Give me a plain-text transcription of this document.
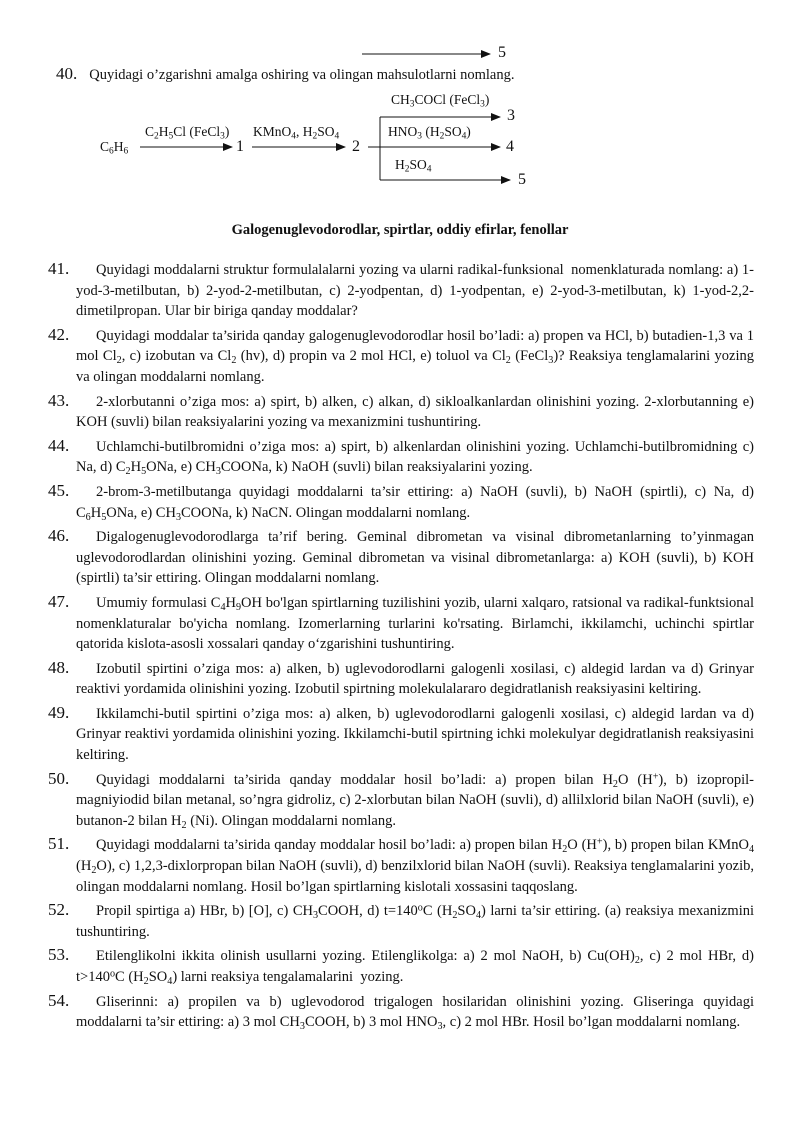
5
40. Quyidagi o’zgarishni amalga oshiring va olingan mahsulotlarni nomlang.
$C_6H_6$
$C_2H_5Cl$ (FeCl$_3$)
1
KMnO$_4$, $H_2SO_4$
2
$CH_3COCl$ (FeCl$_3$)
3
$HNO_3$ $(H_2SO_4)$
4
$H_2SO_4$
5
Galogenuglevodorodlar, spirtlar, oddiy efirlar, fenollar
41.	Quyidagi moddalarni struktur formulalalarni yozing va ularni radikal-funksional  nomenklaturada nomlang: a) 1-yod-3-metilbutan, b) 2-yod-2-metilbutan, c) 2-yodpentan, d) 1-yodpentan, e) 2-yod-3-metilbutan, k) 1-yod-2,2-dimetilpropan. Ular bir biriga qanday moddalar?
42.	Quyidagi moddalar ta’sirida qanday galogenuglevodorodlar hosil bo’ladi: a) propen va HCl, b) butadien-1,3 va 1 mol $Cl_2$, c) izobutan va $Cl_2$ (hv), d) propin va 2 mol HCl, e) toluol va $Cl_2$ (FeCl$_3$)? Reaksiya tenglamalarini yozing va olingan moddalarni nomlang.
43.	2-xlorbutanni o’ziga mos: a) spirt, b) alken, c) alkan, d) sikloalkanlardan olinishini yozing. 2-xlorbutanning e) KOH (suvli) bilan reaksiyalarini yozing va mexanizmini tushuntiring.
44.	Uchlamchi-butilbromidni o’ziga mos: a) spirt, b) alkenlardan olinishini yozing. Uchlamchi-butilbromidning c) Na, d) $C_2H_5ONa$, e) $CH_3COONa$, k) NaOH (suvli) bilan reaksiyalarini yozing.
45.	2-brom-3-metilbutanga quyidagi moddalarni ta’sir ettiring: a) NaOH (suvli), b) NaOH (spirtli), c) Na, d) $C_6H_5ONa$, e) $CH_3COONa$, k) NaCN. Olingan moddalarni nomlang.
46.	Digalogenuglevodorodlarga ta’rif bering. Geminal dibrometan va visinal dibrometanlarning to’yinmagan uglevodorodlardan olinishini yozing. Geminal dibrometan va visinal dibrometanlarga: a) KOH (suvli), b) KOH (spirtli) ta’sir ettiring. Olingan moddalarni nomlang.
47.	Umumiy formulasi $C_4H_9OH$ bo'lgan spirtlarning tuzilishini yozib, ularni xalqaro, ratsional va radikal-funktsional nomenklaturalar bo'yicha nomlang. Izomerlarning turlarini ko'rsating. Birlamchi, ikkilamchi, uchinchi spirtlar qatorida kislota-asosli xossalari qanday o‘zgarishini tushuntiring.
48.	Izobutil spirtini o’ziga mos: a) alken, b) uglevodorodlarni galogenli xosilasi, c) aldegid lardan va d) Grinyar reaktivi yordamida olinishini yozing. Izobutil spirtning molekulalararo degidratlanish reaksiyasini keltiring.
49.	Ikkilamchi-butil spirtini o’ziga mos: a) alken, b) uglevodorodlarni galogenli xosilasi, c) aldegid lardan va d) Grinyar reaktivi yordamida olinishini yozing. Ikkilamchi-butil spirtning ichki molekulyar degidratlanish reaksiyasini keltiring.
50.	Quyidagi moddalarni ta’sirida qanday moddalar hosil bo’ladi: a) propen bilan $H_2O$ (H+), b) izopropil-magniyiodid bilan metanal, so’ngra gidroliz, c) 2-xlorbutan bilan NaOH (suvli), d) allilxlorid bilan NaOH (suvli), e) butanon-2 bilan $H_2$ (Ni). Olingan moddalarni nomlang.
51.	Quyidagi moddalarni ta’sirida qanday moddalar hosil bo’ladi: a) propen bilan $H_2O$ (H+), b) propen bilan KMnO$_4$ $(H_2O)$, c) 1,2,3-dixlorpropan bilan NaOH (suvli), d) benzilxlorid bilan NaOH (suvli). Reaksiya tenglamalarini yozib, olingan moddalarni nomlang. Hosil bo’lgan spirtlarning kislotali xossasini taqqoslang.
52.	Propil spirtiga a) HBr, b) [O], c) $CH_3COOH$, d) $t=140^oC$ $(H_2SO_4)$ larni ta’sir ettiring. (a) reaksiya mexanizmini tushuntiring.
53.	Etilenglikolni ikkita olinish usullarni yozing. Etilenglikolga: a) 2 mol NaOH, b) $Cu(OH)_2$, c) 2 mol HBr, d) $t>140^oC$ $(H_2SO_4)$ larni reaksiya tengalamalarini  yozing.
54.	Gliserinni: a) propilen va b) uglevodorod trigalogen hosilaridan olinishini yozing. Gliseringa quyidagi moddalarni ta’sir ettiring: a) 3 mol $CH_3COOH$, b) 3 mol $HNO_3$, c) 2 mol HBr. Hosil bo’lgan moddalarni nomlang.
